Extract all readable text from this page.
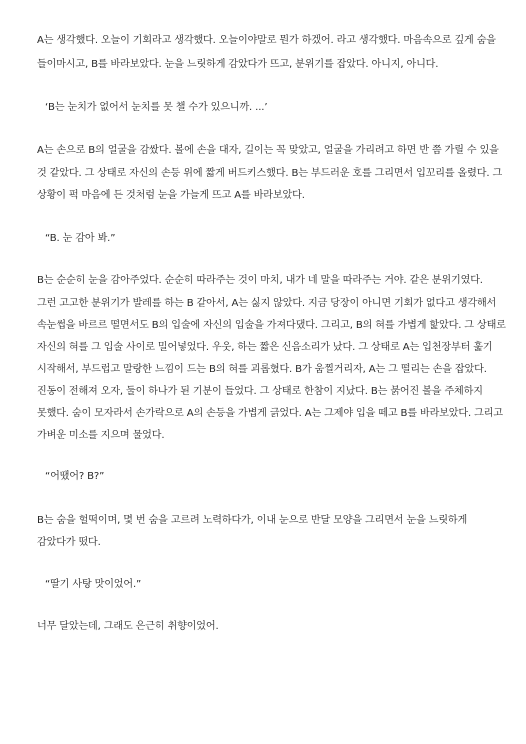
A는 생각했다. 오늘이 기회라고 생각했다. 오늘이야말로 뭔가 하겠어. 라고 생각했다. 마음속으로 깊게 숨을
들이마시고, B를 바라보았다. 눈을 느릿하게 감았다가 뜨고, 분위기를 잡았다. 아니지, 아니다.
‘B는 눈치가 없어서 눈치를 못 챌 수가 있으니까. ...’
A는 손으로 B의 얼굴을 감쌌다. 볼에 손을 대자, 길이는 꼭 맞았고, 얼굴을 가리려고 하면 반 쯤 가릴 수 있을
것 같았다. 그 상태로 자신의 손등 위에 짧게 버드키스했다. B는 부드러운 호를 그리면서 입꼬리를 올렸다. 그
상황이 퍽 마음에 든 것처럼 눈을 가늘게 뜨고 A를 바라보았다.
“B. 눈 감아 봐.”
B는 순순히 눈을 감아주었다. 순순히 따라주는 것이 마치, 내가 네 말을 따라주는 거야. 같은 분위기였다.
그런 고고한 분위기가 발레를 하는 B 같아서, A는 싫지 않았다. 지금 당장이 아니면 기회가 없다고 생각해서
속눈썹을 바르르 떨면서도 B의 입술에 자신의 입술을 가져다댔다. 그리고, B의 혀를 가볍게 핥았다. 그 상태로
자신의 혀를 그 입술 사이로 밀어넣었다. 우웃, 하는 짧은 신음소리가 났다. 그 상태로 A는 입천장부터 훑기
시작해서, 부드럽고 말랑한 느낌이 드는 B의 혀를 괴롭혔다. B가 움찔거리자, A는 그 떨리는 손을 잡았다.
진동이 전해져 오자, 둘이 하나가 된 기분이 들었다. 그 상태로 한참이 지났다. B는 붉어진 볼을 주체하지
못했다. 숨이 모자라서 손가락으로 A의 손등을 가볍게 긁었다. A는 그제야 입을 떼고 B를 바라보았다. 그리고
가벼운 미소를 지으며 물었다.
“어땠어? B?”
B는 숨을 헐떡이며, 몇 번 숨을 고르려 노력하다가, 이내 눈으로 반달 모양을 그리면서 눈을 느릿하게
감았다가 떴다.
“딸기 사탕 맛이었어.”
너무 달았는데, 그래도 은근히 취향이었어.
